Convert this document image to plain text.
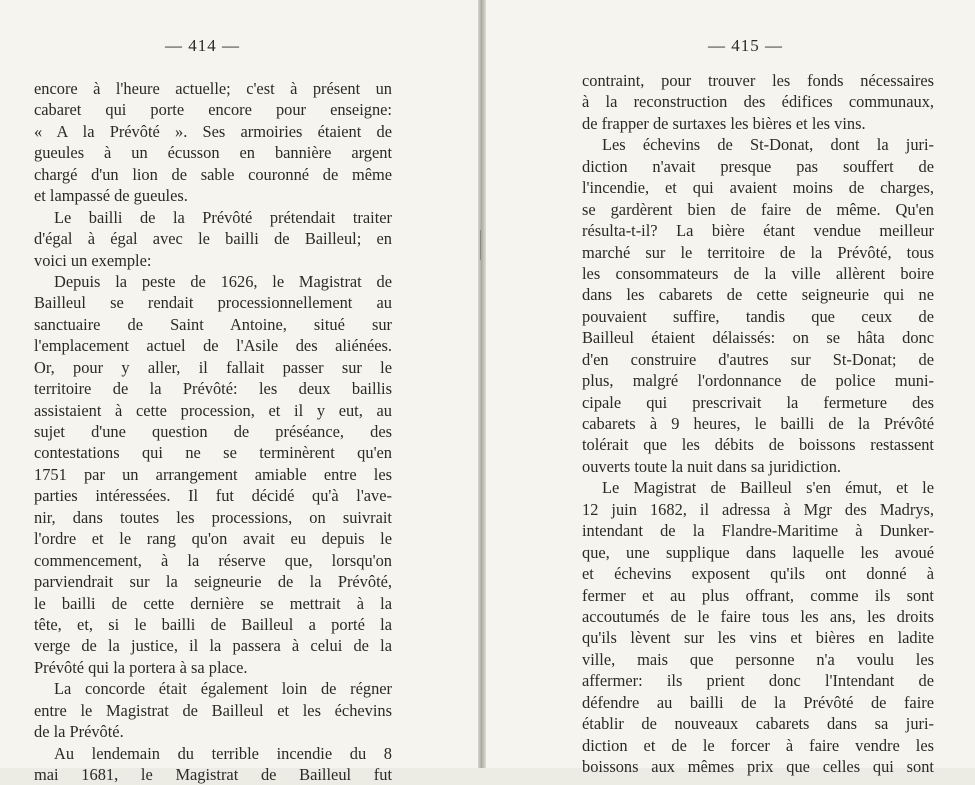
— 414 —
encore à l'heure actuelle; c'est à présent un
cabaret qui porte encore pour enseigne:
« A la Prévôté ». Ses armoiries étaient de
gueules à un écusson en bannière argent
chargé d'un lion de sable couronné de même
et lampassé de gueules.
Le bailli de la Prévôté prétendait traiter
d'égal à égal avec le bailli de Bailleul; en
voici un exemple:
Depuis la peste de 1626, le Magistrat de
Bailleul se rendait processionnellement au
sanctuaire de Saint Antoine, situé sur
l'emplacement actuel de l'Asile des aliénées.
Or, pour y aller, il fallait passer sur le
territoire de la Prévôté: les deux baillis
assistaient à cette procession, et il y eut, au
sujet d'une question de préséance, des
contestations qui ne se terminèrent qu'en
1751 par un arrangement amiable entre les
parties intéressées. Il fut décidé qu'à l'ave-
nir, dans toutes les processions, on suivrait
l'ordre et le rang qu'on avait eu depuis le
commencement, à la réserve que, lorsqu'on
parviendrait sur la seigneurie de la Prévôté,
le bailli de cette dernière se mettrait à la
tête, et, si le bailli de Bailleul a porté la
verge de la justice, il la passera à celui de la
Prévôté qui la portera à sa place.
La concorde était également loin de régner
entre le Magistrat de Bailleul et les échevins
de la Prévôté.
Au lendemain du terrible incendie du 8
mai 1681, le Magistrat de Bailleul fut
— 415 —
contraint, pour trouver les fonds nécessaires
à la reconstruction des édifices communaux,
de frapper de surtaxes les bières et les vins.
Les échevins de St-Donat, dont la juri-
diction n'avait presque pas souffert de
l'incendie, et qui avaient moins de charges,
se gardèrent bien de faire de même. Qu'en
résulta-t-il? La bière étant vendue meilleur
marché sur le territoire de la Prévôté, tous
les consommateurs de la ville allèrent boire
dans les cabarets de cette seigneurie qui ne
pouvaient suffire, tandis que ceux de
Bailleul étaient délaissés: on se hâta donc
d'en construire d'autres sur St-Donat; de
plus, malgré l'ordonnance de police muni-
cipale qui prescrivait la fermeture des
cabarets à 9 heures, le bailli de la Prévôté
tolérait que les débits de boissons restassent
ouverts toute la nuit dans sa juridiction.
Le Magistrat de Bailleul s'en émut, et le
12 juin 1682, il adressa à Mgr des Madrys,
intendant de la Flandre-Maritime à Dunker-
que, une supplique dans laquelle les avoué
et échevins exposent qu'ils ont donné à
fermer et au plus offrant, comme ils sont
accoutumés de le faire tous les ans, les droits
qu'ils lèvent sur les vins et bières en ladite
ville, mais que personne n'a voulu les
affermer: ils prient donc l'Intendant de
défendre au bailli de la Prévôté de faire
établir de nouveaux cabarets dans sa juri-
diction et de le forcer à faire vendre les
boissons aux mêmes prix que celles qui sont
